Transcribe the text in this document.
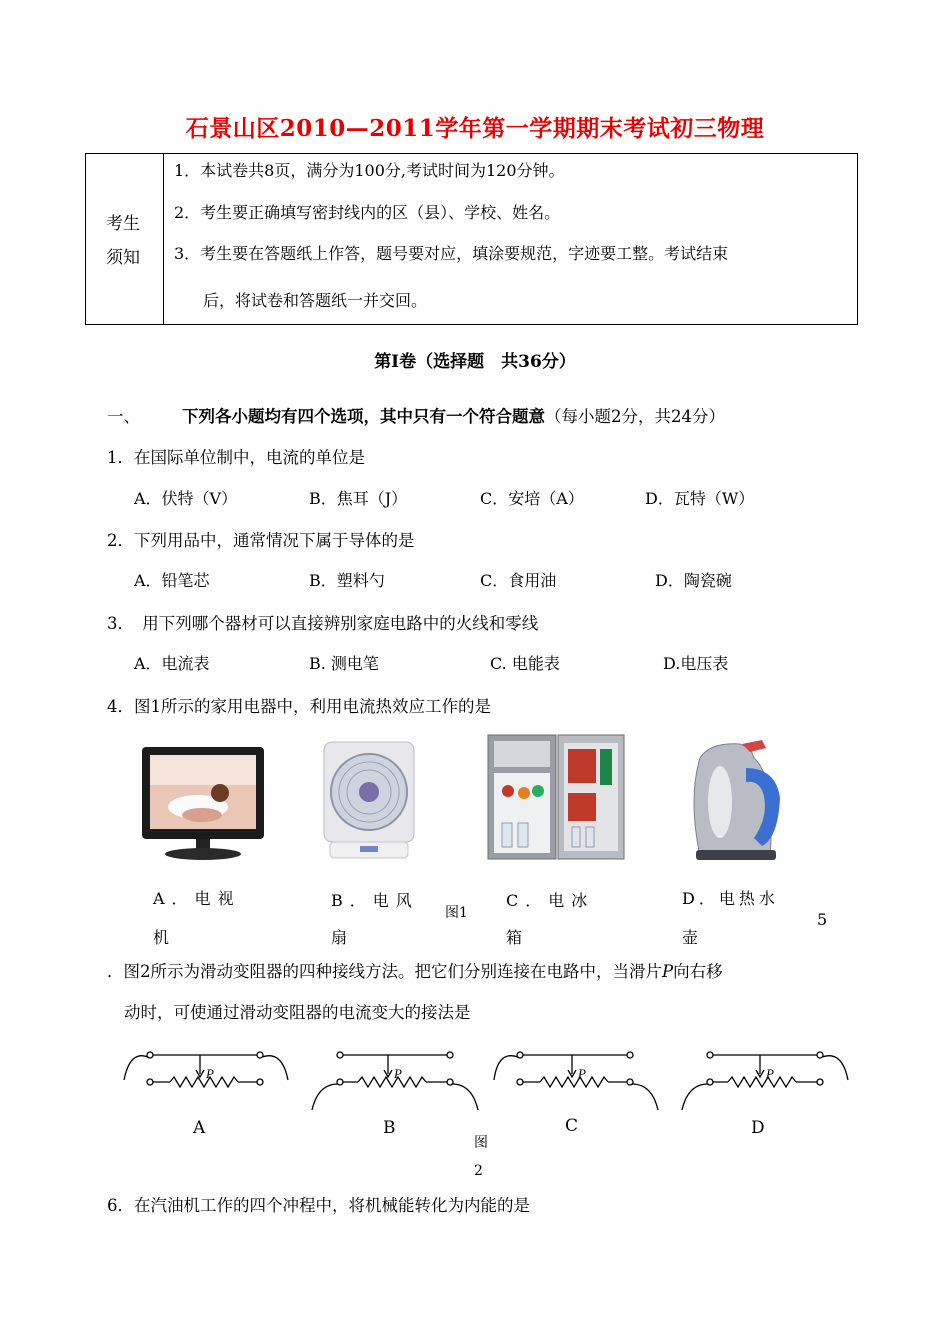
石景山区2010—2011学年第一学期期末考试初三物理
考生
须知
1．本试卷共8页，满分为100分,考试时间为120分钟。
2．考生要正确填写密封线内的区（县）、学校、姓名。
3．考生要在答题纸上作答，题号要对应，填涂要规范，字迹要工整。考试结束
后，将试卷和答题纸一并交回。
第Ⅰ卷（选择题　共36分）
一、	下列各小题均有四个选项，其中只有一个符合题意（每小题2分，共24分）
1．在国际单位制中，电流的单位是
A．伏特（V）	B．焦耳（J）	C．安培（A）	D．瓦特（W）
2．下列用品中，通常情况下属于导体的是
A．铅笔芯	B．塑料勺	C．食用油	D．陶瓷碗
3．　用下列哪个器材可以直接辨别家庭电路中的火线和零线
A．电流表	B. 测电笔	C. 电能表	D.电压表
4．图1所示的家用电器中，利用电流热效应工作的是
A．电视
机
B．电风
扇
图1
C．电冰
箱
D．电热水
壶
5
．图2所示为滑动变阻器的四种接线方法。把它们分别连接在电路中，当滑片P向右移
动时，可使通过滑动变阻器的电流变大的接法是
P	P	P	P
A	B	C	D
图
2
6．在汽油机工作的四个冲程中，将机械能转化为内能的是
